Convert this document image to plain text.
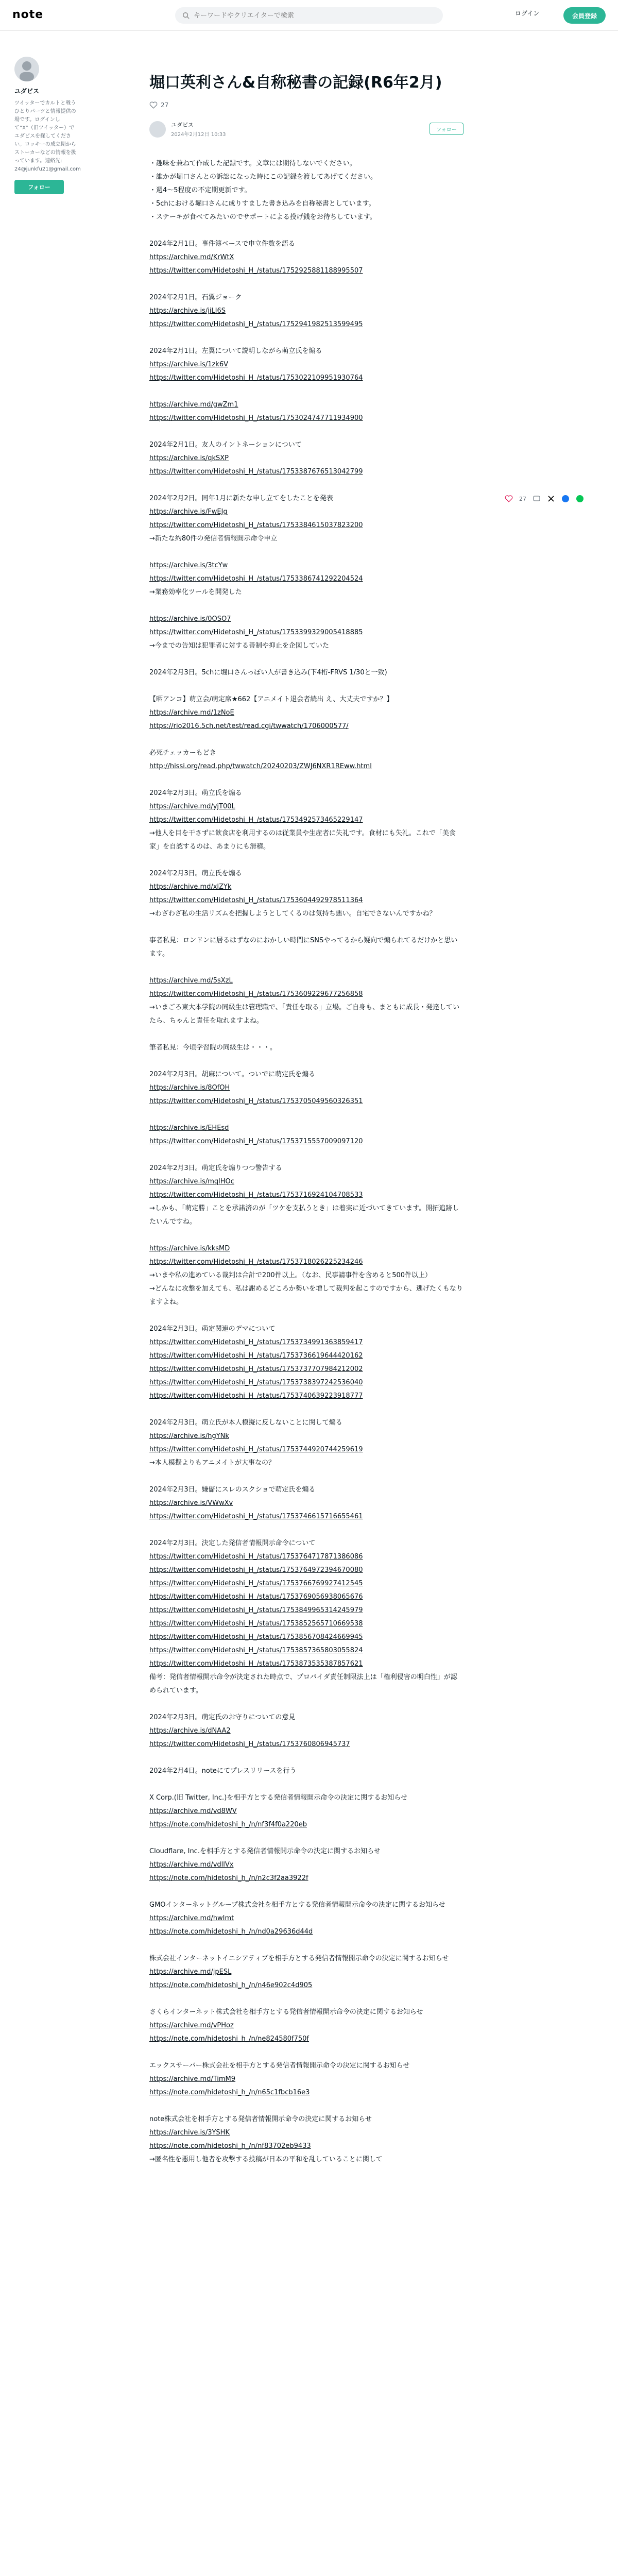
note
キーワードやクリエイターで検索	ログイン	会員登録
ユダビス
ツイッターでカルトと戦うひとりパーツと情報提供の場です。ログインして”X”（旧ツイッター）でユダビスを探してください。ロッキーの成立期からストーカーなどの情報を扱っています。連絡先: 24@junkfu21@gmail.com
フォロー
堀口英利さん&自称秘書の記録(R6年2月)
27
ユダビス
2024年2月12日 10:33
フォロー

・趣味を兼ねて作成した記録です。文章には期待しないでください。

・誰かが堀口さんとの訴訟になった時にこの記録を渡してあげてください。

・週4〜5程度の不定期更新です。

・5chにおける堀口さんに成りすました書き込みを自称秘書としています。

・ステーキが食べてみたいのでサポートによる投げ銭をお待ちしています。

2024年2月1日。事件簿ベースで申立件数を語る

https://archive.md/KrWtX

https://twitter.com/Hidetoshi_H_/status/1752925881188995507

2024年2月1日。石翼ジョーク

https://archive.is/jiLI6S

https://twitter.com/Hidetoshi_H_/status/1752941982513599495

2024年2月1日。左翼について説明しながら萌立氏を煽る

https://archive.is/1zk6V

https://twitter.com/Hidetoshi_H_/status/1753022109951930764

https://archive.md/gwZm1

https://twitter.com/Hidetoshi_H_/status/1753024747711934900

2024年2月1日。友人のイントネーションについて

https://archive.is/qkSXP

https://twitter.com/Hidetoshi_H_/status/1753387676513042799

2024年2月2日。同年1月に新たな申し立てをしたことを発表

https://archive.is/FwEJg

https://twitter.com/Hidetoshi_H_/status/1753384615037823200

→新たな約80件の発信者情報開示命令申立

https://archive.is/3tcYw

https://twitter.com/Hidetoshi_H_/status/1753386741292204524

→業務効率化ツールを開発した

https://archive.is/0OSO7

https://twitter.com/Hidetoshi_H_/status/1753399329005418885

→今までの告知は犯罪者に対する善制や抑止を企図していた

2024年2月3日。5chに堀口さんっぽい人が書き込み(下4桁-FRVS 1/30と一致)

【晒アンコ】萌立会/萌定席★662【アニメイト退会者続出 え、大丈夫ですか？】

https://archive.md/1zNoE

https://rio2016.5ch.net/test/read.cgi/twwatch/1706000577/

必死チェッカーもどき

http://hissi.org/read.php/twwatch/20240203/ZWJ6NXR1REww.html

2024年2月3日。萌立氏を煽る

https://archive.md/yjT00L

https://twitter.com/Hidetoshi_H_/status/1753492573465229147

→他人を目を干さずに飲食店を利用するのは従業員や生産者に失礼です。食材にも失礼。これで「美食家」を自認するのは、あまりにも滑稽。

2024年2月3日。萌立氏を煽る

https://archive.md/xlZYk

https://twitter.com/Hidetoshi_H_/status/1753604492978511364

→わざわざ私の生活リズムを把握しようとしてくるのは気持ち悪い。自宅でさないんですかね？

事者私見：ロンドンに居るはずなのにおかしい時間にSNSやってるから疑向で煽られてるだけかと思います。

https://archive.md/5sXzL

https://twitter.com/Hidetoshi_H_/status/1753609229677256858

→いまごろ東大本学院の同級生は管理職で、「責任を取る」立場。ご自身も、まともに成長・発達していたら、ちゃんと責任を取れますよね。

筆者私見：今頃学習院の同級生は・・・。

2024年2月3日。胡麻について。ついでに萌定氏を煽る

https://archive.is/8OfOH

https://twitter.com/Hidetoshi_H_/status/1753705049560326351

https://archive.is/EHEsd

https://twitter.com/Hidetoshi_H_/status/1753715557009097120

2024年2月3日。萌定氏を煽りつつ警告する

https://archive.is/mqlHOc

https://twitter.com/Hidetoshi_H_/status/1753716924104708533

→しかも、「萌定勝」ことを承諾済のが「ツケを支払うとき」は着実に近づいてきています。開拓追跡したいんですね。

https://archive.is/kksMD

https://twitter.com/Hidetoshi_H_/status/1753718026225234246

→いまや私の進めている裁判は合計で200件以上。（なお、民事請事件を含めると500件以上）

→どんなに攻撃を加えても、私は謝めるどころか勢いを増して裁判を起こすのですから、逃げたくもなりますよね。

2024年2月3日。萌定関連のデマについて

https://twitter.com/Hidetoshi_H_/status/1753734991363859417

https://twitter.com/Hidetoshi_H_/status/1753736619644420162

https://twitter.com/Hidetoshi_H_/status/1753737707984212002

https://twitter.com/Hidetoshi_H_/status/1753738397242536040

https://twitter.com/Hidetoshi_H_/status/1753740639223918777

2024年2月3日。萌立氏が本人模擬に反しないことに関して煽る

https://archive.is/hgYNk

https://twitter.com/Hidetoshi_H_/status/1753744920744259619

→本人模擬よりもアニメイトが大事なの？

2024年2月3日。嫌儲にスレのスクショで萌定氏を煽る

https://archive.is/VWwXv

https://twitter.com/Hidetoshi_H_/status/1753746615716655461

2024年2月3日。決定した発信者情報開示命令について

https://twitter.com/Hidetoshi_H_/status/1753764717871386086

https://twitter.com/Hidetoshi_H_/status/1753764972394670080

https://twitter.com/Hidetoshi_H_/status/1753766769927412545

https://twitter.com/Hidetoshi_H_/status/1753769056938065676

https://twitter.com/Hidetoshi_H_/status/1753849965314245979

https://twitter.com/Hidetoshi_H_/status/1753852565710669538

https://twitter.com/Hidetoshi_H_/status/1753856708424669945

https://twitter.com/Hidetoshi_H_/status/1753857365803055824

https://twitter.com/Hidetoshi_H_/status/1753873535387857621

備考：発信者情報開示命令が決定された時点で、プロバイダ責任制限法上は「権利侵害の明白性」が認められています。

2024年2月3日。萌定氏のお守りについての意見

https://archive.is/dNAA2

https://twitter.com/Hidetoshi_H_/status/1753760806945737

2024年2月4日。noteにてプレスリリースを行う

X Corp.(旧 Twitter, Inc.)を相手方とする発信者情報開示命令の決定に関するお知らせ

https://archive.md/vd8WV

https://note.com/hidetoshi_h_/n/nf3f4f0a220eb

Cloudflare, Inc.を相手方とする発信者情報開示命令の決定に関するお知らせ

https://archive.md/vdllVx

https://note.com/hidetoshi_h_/n/n2c3f2aa3922f

GMOインターネットグループ株式会社を相手方とする発信者情報開示命令の決定に関するお知らせ

https://archive.md/hwImt

https://note.com/hidetoshi_h_/n/nd0a29636d44d

株式会社インターネットイニシアティブを相手方とする発信者情報開示命令の決定に関するお知らせ

https://archive.md/jpESL

https://note.com/hidetoshi_h_/n/n46e902c4d905

さくらインターネット株式会社を相手方とする発信者情報開示命令の決定に関するお知らせ

https://archive.md/vPHoz

https://note.com/hidetoshi_h_/n/ne824580f750f

エックスサーバー株式会社を相手方とする発信者情報開示命令の決定に関するお知らせ

https://archive.md/TimM9

https://note.com/hidetoshi_h_/n/n65c1fbcb16e3

note株式会社を相手方とする発信者情報開示命令の決定に関するお知らせ

https://archive.is/3YSHK

https://note.com/hidetoshi_h_/n/nf83702eb9433

→匿名性を悪用し他者を攻撃する投稿が日本の平和を乱していることに関して

27
